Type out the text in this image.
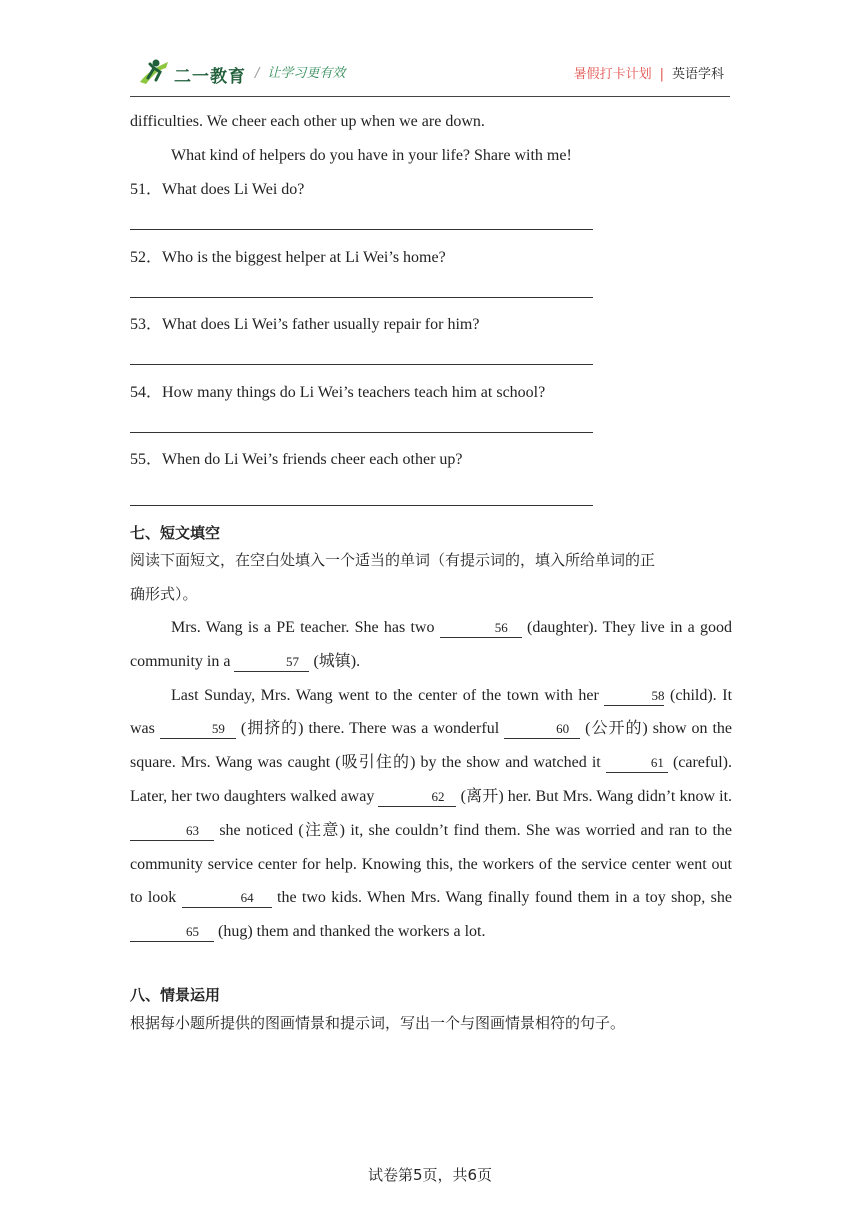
二一教育 / 让学习更有效	暑假打卡计划 | 英语学科
difficulties. We cheer each other up when we are down.
What kind of helpers do you have in your life? Share with me!
51．What does Li Wei do?
52．Who is the biggest helper at Li Wei’s home?
53．What does Li Wei’s father usually repair for him?
54．How many things do Li Wei’s teachers teach him at school?
55．When do Li Wei’s friends cheer each other up?
七、短文填空
阅读下面短文，在空白处填入一个适当的单词（有提示词的，填入所给单词的正
确形式）。

Mrs. Wang is a PE teacher. She has two	56 (daughter). They live in a good community in a	57 (城镇).

Last Sunday, Mrs. Wang went to the center of the town with her	58 (child). It was	59 (拥挤的) there. There was a wonderful	60 (公开的) show on the square. Mrs. Wang was caught (吸引住的) by the show and watched it	61 (careful). Later, her two daughters walked away	62 (离开) her. But Mrs. Wang didn’t know it. 63 she noticed (注意) it, she couldn’t find them. She was worried and ran to the community service center for help. Knowing this, the workers of the service center went out to look	64 the two kids. When Mrs. Wang finally found them in a toy shop, she 65 (hug) them and thanked the workers a lot.

八、情景运用
根据每小题所提供的图画情景和提示词，写出一个与图画情景相符的句子。
试卷第5页，共6页
